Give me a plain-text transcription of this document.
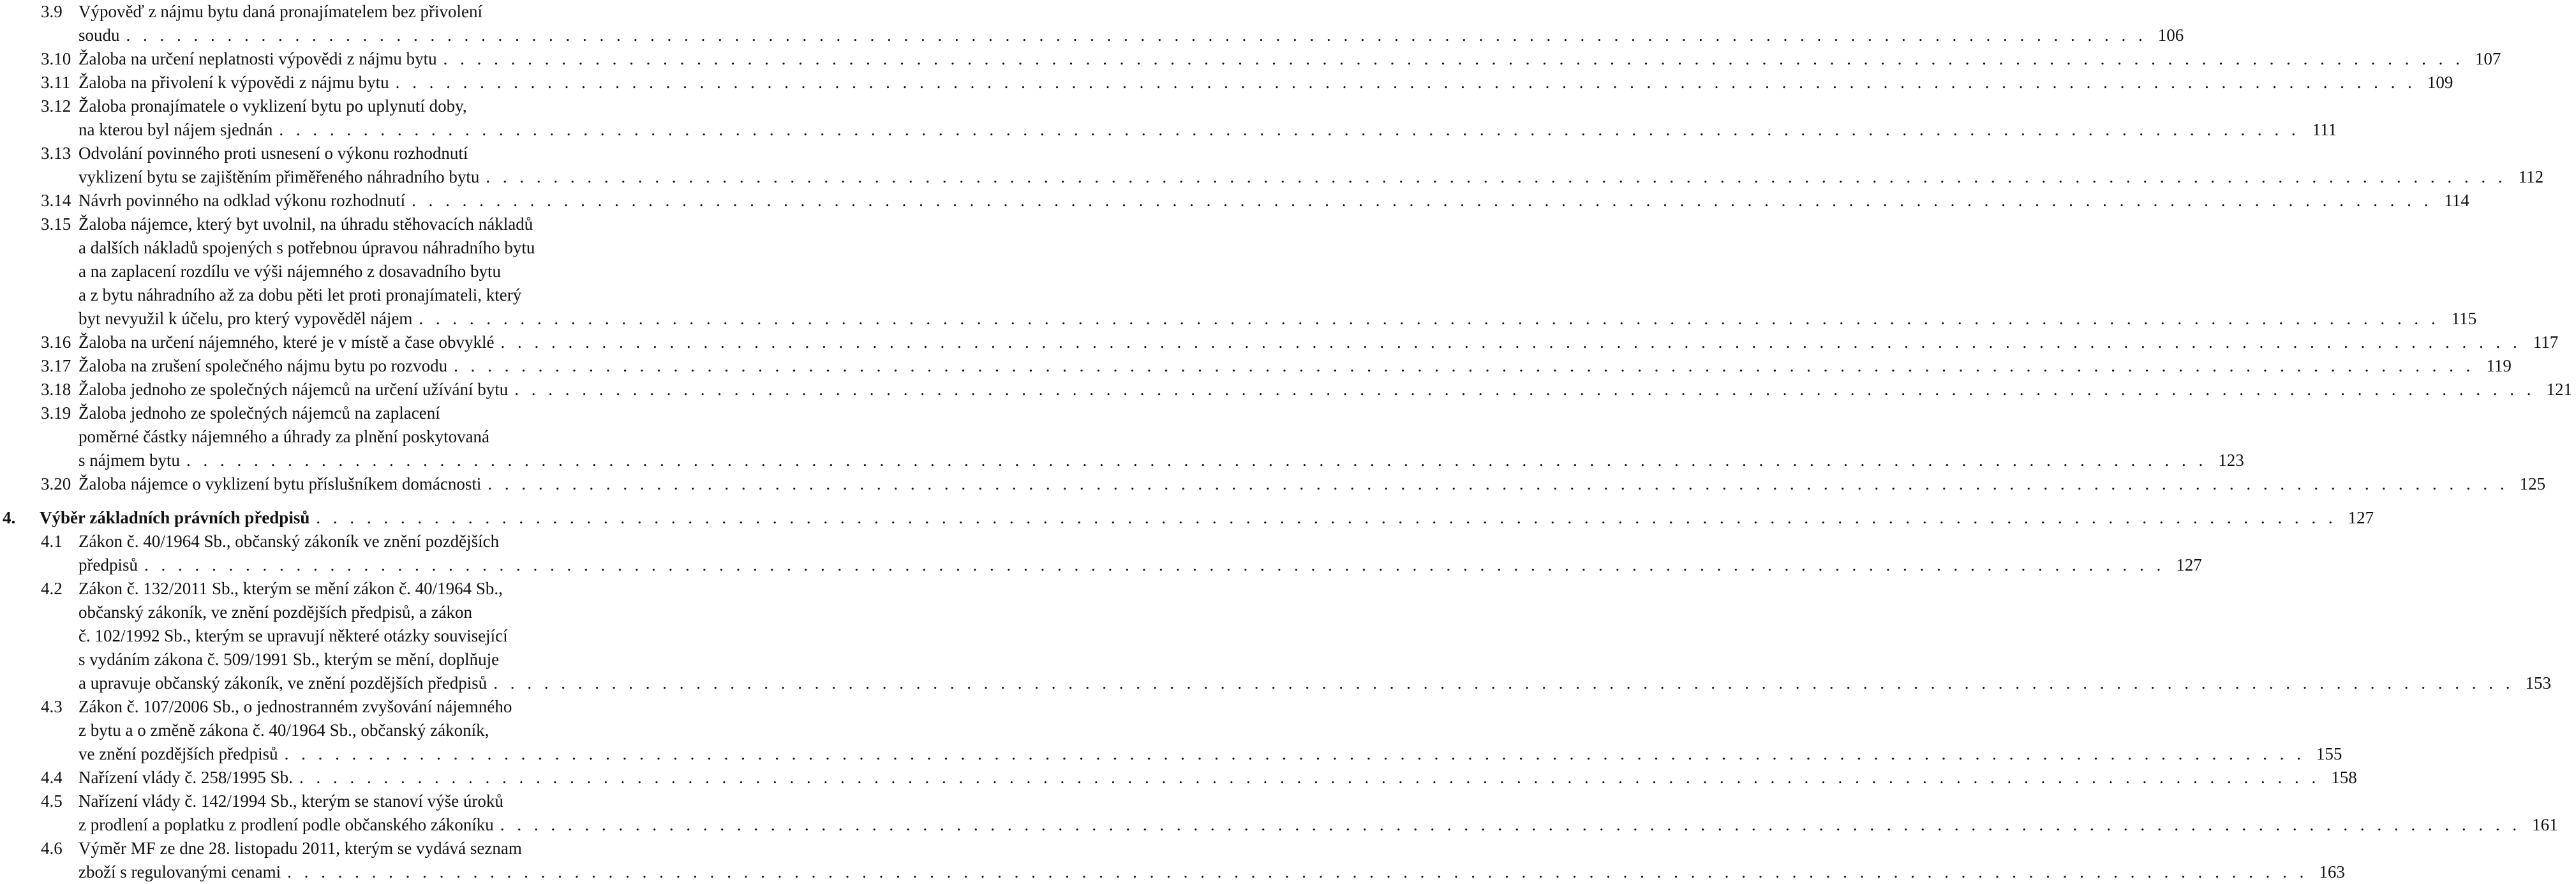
3.9 Výpověď z nájmu bytu daná pronajímatelem bez přivolení
soudu . . . . . . . . . . . . . . . . . . . . . . . . . . . . . . . . . . . . . . . . . . . . . . . . . . . . . . . . . . . . . . . . . . . . . . . . . . . . . . . . . . . . . . . . . . . . . . . . . . . . . . . . . . . . . . . . . . . . . . . . 106
3.10 Žaloba na určení neplatnosti výpovědi z nájmu bytu . . . . . . . . . . . . . . . . . . . . . . . . . . . . . . . . . . . . . . . . . . . . . . . . . . . . . . . . . . . . . . . . . . . . . . . . . . . . . . . . . . . . . . . . . . . . . . . . . . . . . . . . . . . . . . . . . . . . . . . . 107
3.11 Žaloba na přivolení k výpovědi z nájmu bytu . . . . . . . . . . . . . . . . . . . . . . . . . . . . . . . . . . . . . . . . . . . . . . . . . . . . . . . . . . . . . . . . . . . . . . . . . . . . . . . . . . . . . . . . . . . . . . . . . . . . . . . . . . . . . . . . . . . . . . . . 109
3.12 Žaloba pronajímatele o vyklizení bytu po uplynutí doby,
na kterou byl nájem sjednán . . . . . . . . . . . . . . . . . . . . . . . . . . . . . . . . . . . . . . . . . . . . . . . . . . . . . . . . . . . . . . . . . . . . . . . . . . . . . . . . . . . . . . . . . . . . . . . . . . . . . . . . . . . . . . . . . . . . . . . . 111
3.13 Odvolání povinného proti usnesení o výkonu rozhodnutí
vyklizení bytu se zajištěním přiměřeného náhradního bytu . . . . . . . . . . . . . . . . . . . . . . . . . . . . . . . . . . . . . . . . . . . . . . . . . . . . . . . . . . . . . . . . . . . . . . . . . . . . . . . . . . . . . . . . . . . . . . . . . . . . . . . . . . . . . . . . . . . . . . . . 112
3.14 Návrh povinného na odklad výkonu rozhodnutí . . . . . . . . . . . . . . . . . . . . . . . . . . . . . . . . . . . . . . . . . . . . . . . . . . . . . . . . . . . . . . . . . . . . . . . . . . . . . . . . . . . . . . . . . . . . . . . . . . . . . . . . . . . . . . . . . . . . . . . . 114
3.15 Žaloba nájemce, který byt uvolnil, na úhradu stěhovacích nákladů
a dalších nákladů spojených s potřebnou úpravou náhradního bytu
a na zaplacení rozdílu ve výši nájemného z dosavadního bytu
a z bytu náhradního až za dobu pěti let proti pronajímateli, který
byt nevyužil k účelu, pro který vypověděl nájem . . . . . . . . . . . . . . . . . . . . . . . . . . . . . . . . . . . . . . . . . . . . . . . . . . . . . . . . . . . . . . . . . . . . . . . . . . . . . . . . . . . . . . . . . . . . . . . . . . . . . . . . . . . . . . . . . . . . . . . . 115
3.16 Žaloba na určení nájemného, které je v místě a čase obvyklé . . . . . . . . . . . . . . . . . . . . . . . . . . . . . . . . . . . . . . . . . . . . . . . . . . . . . . . . . . . . . . . . . . . . . . . . . . . . . . . . . . . . . . . . . . . . . . . . . . . . . . . . . . . . . . . . . . . . . . . . 117
3.17 Žaloba na zrušení společného nájmu bytu po rozvodu . . . . . . . . . . . . . . . . . . . . . . . . . . . . . . . . . . . . . . . . . . . . . . . . . . . . . . . . . . . . . . . . . . . . . . . . . . . . . . . . . . . . . . . . . . . . . . . . . . . . . . . . . . . . . . . . . . . . . . . . 119
3.18 Žaloba jednoho ze společných nájemců na určení užívání bytu . . . . . . . . . . . . . . . . . . . . . . . . . . . . . . . . . . . . . . . . . . . . . . . . . . . . . . . . . . . . . . . . . . . . . . . . . . . . . . . . . . . . . . . . . . . . . . . . . . . . . . . . . . . . . . . . . . . . . . . . 121
3.19 Žaloba jednoho ze společných nájemců na zaplacení
poměrné částky nájemného a úhrady za plnění poskytovaná
s nájmem bytu . . . . . . . . . . . . . . . . . . . . . . . . . . . . . . . . . . . . . . . . . . . . . . . . . . . . . . . . . . . . . . . . . . . . . . . . . . . . . . . . . . . . . . . . . . . . . . . . . . . . . . . . . . . . . . . . . . . . . . . . 123
3.20 Žaloba nájemce o vyklizení bytu příslušníkem domácnosti . . . . . . . . . . . . . . . . . . . . . . . . . . . . . . . . . . . . . . . . . . . . . . . . . . . . . . . . . . . . . . . . . . . . . . . . . . . . . . . . . . . . . . . . . . . . . . . . . . . . . . . . . . . . . . . . . . . . . . . . 125
4. Výběr základních právních předpisů . . . . . . . . . . . . . . . . . . . . . . . . . . . . . . . . . . . . . . . . . . . . . . . . . . . . . . . . . . . . . . . . . . . . . . . . . . . . . . . . . . . . . . . . . . . . . . . . . . . . . . . . . . . . . . . . . . . . . . . . 127
4.1 Zákon č. 40/1964 Sb., občanský zákoník ve znění pozdějších
předpisů . . . . . . . . . . . . . . . . . . . . . . . . . . . . . . . . . . . . . . . . . . . . . . . . . . . . . . . . . . . . . . . . . . . . . . . . . . . . . . . . . . . . . . . . . . . . . . . . . . . . . . . . . . . . . . . . . . . . . . . . 127
4.2 Zákon č. 132/2011 Sb., kterým se mění zákon č. 40/1964 Sb.,
občanský zákoník, ve znění pozdějších předpisů, a zákon
č. 102/1992 Sb., kterým se upravují některé otázky související
s vydáním zákona č. 509/1991 Sb., kterým se mění, doplňuje
a upravuje občanský zákoník, ve znění pozdějších předpisů . . . . . . . . . . . . . . . . . . . . . . . . . . . . . . . . . . . . . . . . . . . . . . . . . . . . . . . . . . . . . . . . . . . . . . . . . . . . . . . . . . . . . . . . . . . . . . . . . . . . . . . . . . . . . . . . . . . . . . . . 153
4.3 Zákon č. 107/2006 Sb., o jednostranném zvyšování nájemného
z bytu a o změně zákona č. 40/1964 Sb., občanský zákoník,
ve znění pozdějších předpisů . . . . . . . . . . . . . . . . . . . . . . . . . . . . . . . . . . . . . . . . . . . . . . . . . . . . . . . . . . . . . . . . . . . . . . . . . . . . . . . . . . . . . . . . . . . . . . . . . . . . . . . . . . . . . . . . . . . . . . . . 155
4.4 Nařízení vlády č. 258/1995 Sb. . . . . . . . . . . . . . . . . . . . . . . . . . . . . . . . . . . . . . . . . . . . . . . . . . . . . . . . . . . . . . . . . . . . . . . . . . . . . . . . . . . . . . . . . . . . . . . . . . . . . . . . . . . . . . . . . . . . . . . . . 158
4.5 Nařízení vlády č. 142/1994 Sb., kterým se stanoví výše úroků
z prodlení a poplatku z prodlení podle občanského zákoníku . . . . . . . . . . . . . . . . . . . . . . . . . . . . . . . . . . . . . . . . . . . . . . . . . . . . . . . . . . . . . . . . . . . . . . . . . . . . . . . . . . . . . . . . . . . . . . . . . . . . . . . . . . . . . . . . . . . . . . . . 161
4.6 Výměr MF ze dne 28. listopadu 2011, kterým se vydává seznam
zboží s regulovanými cenami . . . . . . . . . . . . . . . . . . . . . . . . . . . . . . . . . . . . . . . . . . . . . . . . . . . . . . . . . . . . . . . . . . . . . . . . . . . . . . . . . . . . . . . . . . . . . . . . . . . . . . . . . . . . . . . . . . . . . . . . 163
